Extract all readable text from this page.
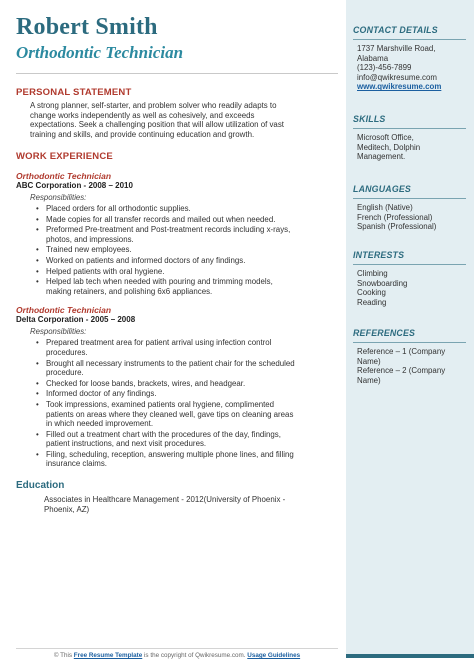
Robert Smith
Orthodontic Technician
PERSONAL STATEMENT
A strong planner, self-starter, and problem solver who readily adapts to
change works independently as well as cohesively, and exceeds
expectations. Seek a challenging position that will allow utilization of vast
training and skills, and provide continuing education and growth.
WORK EXPERIENCE
Orthodontic Technician
ABC Corporation - 2008 – 2010
Responsibilities:
• Placed orders for all orthodontic supplies.
• Made copies for all transfer records and mailed out when needed.
• Preformed Pre-treatment and Post-treatment records including x-rays,
photos, and impressions.
• Trained new employees.
• Worked on patients and informed doctors of any findings.
• Helped patients with oral hygiene.
• Helped lab tech when needed with pouring and trimming models,
making retainers, and polishing 6x6 appliances.
Orthodontic Technician
Delta Corporation - 2005 – 2008
Responsibilities:
• Prepared treatment area for patient arrival using infection control
procedures.
• Brought all necessary instruments to the patient chair for the scheduled
procedure.
• Checked for loose bands, brackets, wires, and headgear.
• Informed doctor of any findings.
• Took impressions, examined patients oral hygiene, complimented
patients on areas where they cleaned well, gave tips on cleaning areas
in which needed improvement.
• Filled out a treatment chart with the procedures of the day, findings,
patient instructions, and next visit procedures.
• Filing, scheduling, reception, answering multiple phone lines, and filling
insurance claims.
Education
Associates in Healthcare Management - 2012(University of Phoenix -
Phoenix, AZ)
CONTACT DETAILS
1737 Marshville Road,
Alabama
(123)-456-7899
info@qwikresume.com
www.qwikresume.com
SKILLS
Microsoft Office,
Meditech, Dolphin
Management.
LANGUAGES
English (Native)
French (Professional)
Spanish (Professional)
INTERESTS
Climbing
Snowboarding
Cooking
Reading
REFERENCES
Reference – 1 (Company
Name)
Reference – 2 (Company
Name)
© This Free Resume Template is the copyright of Qwikresume.com. Usage Guidelines
